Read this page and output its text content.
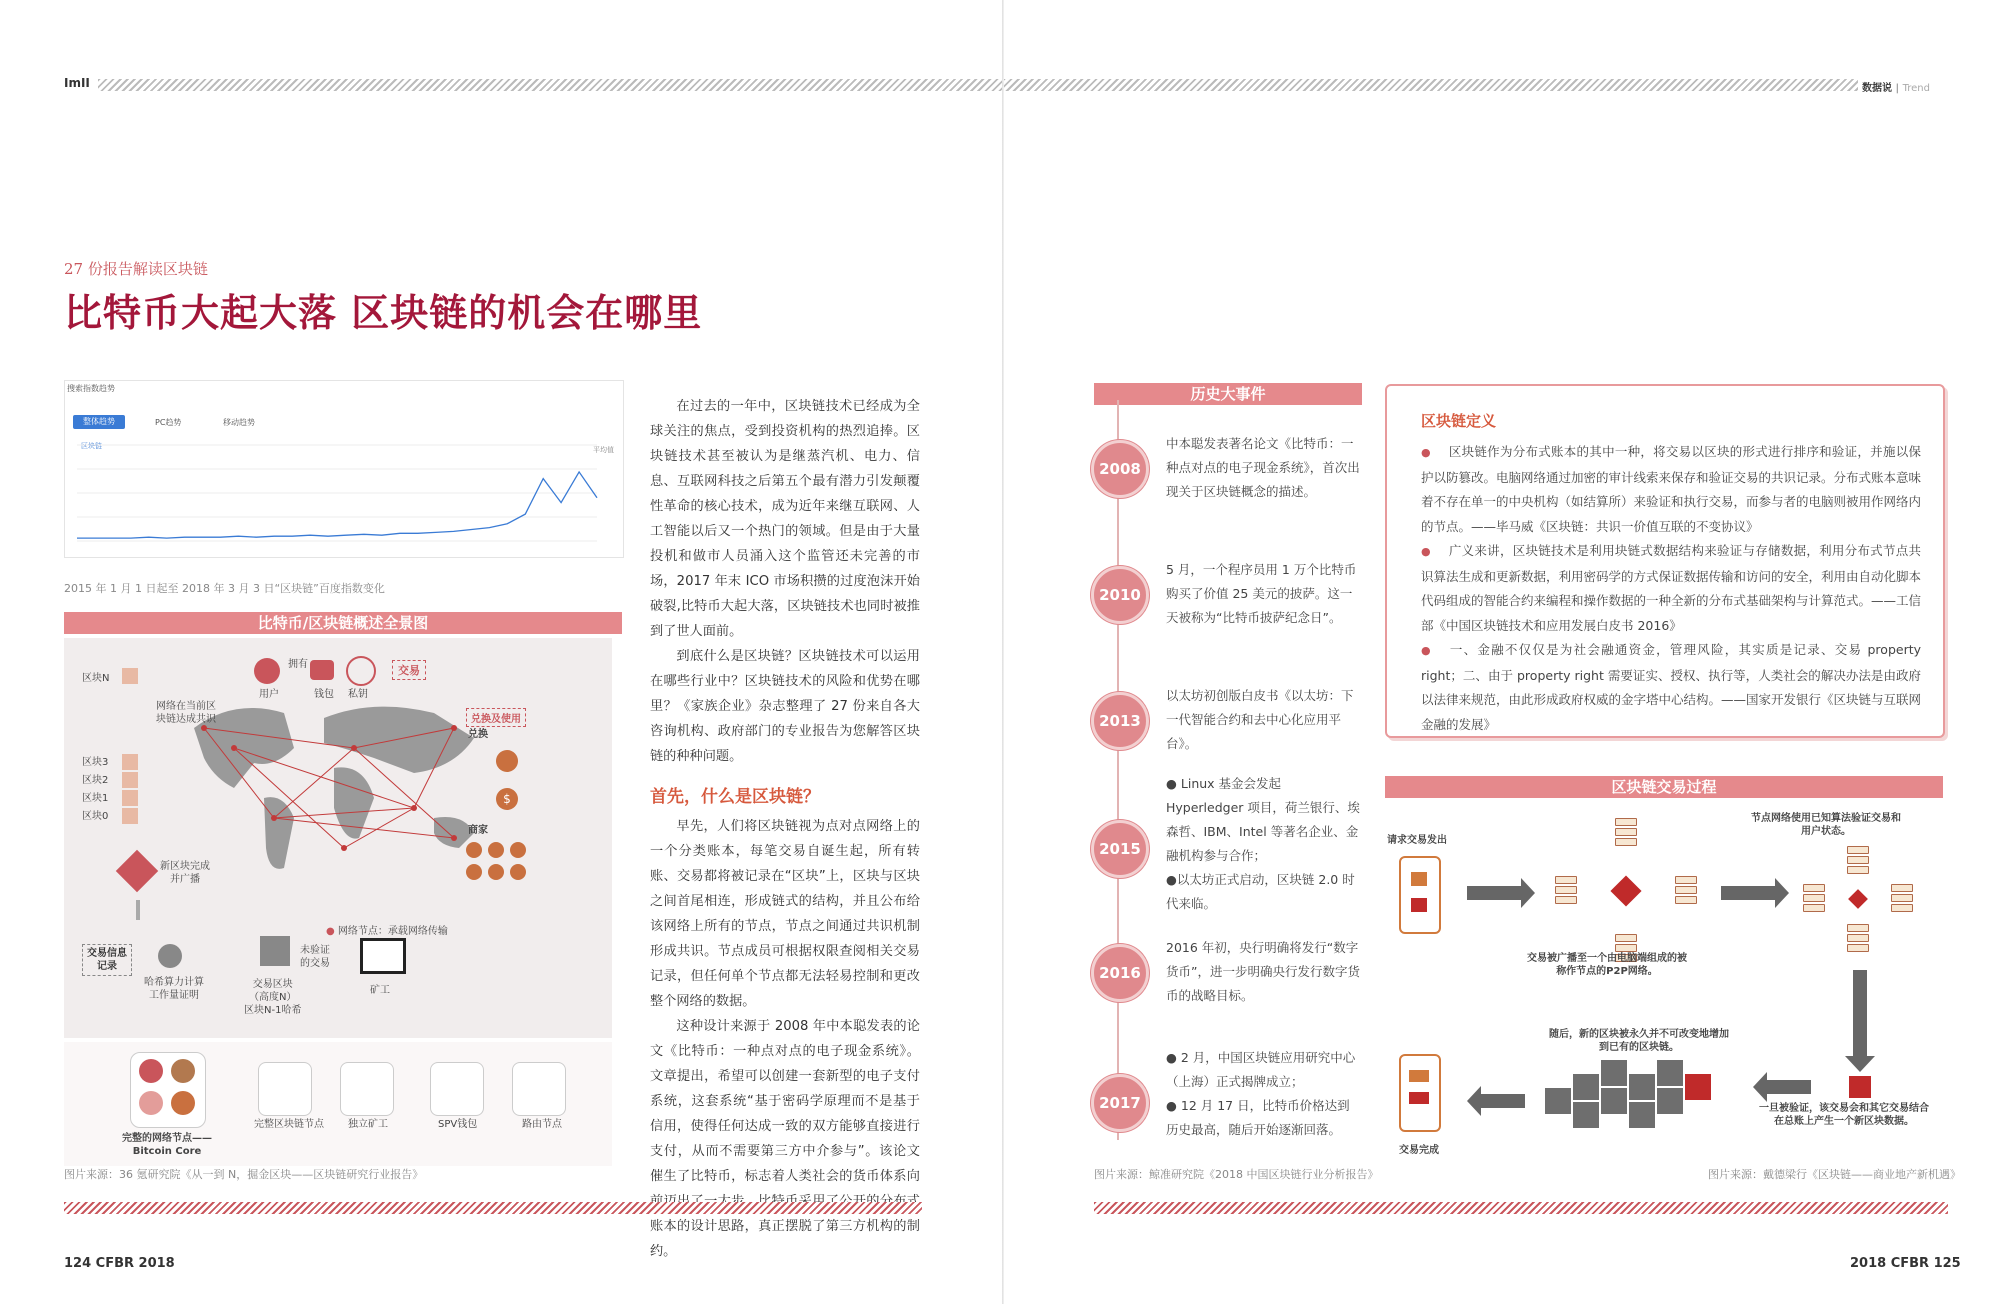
ImII	数据说 | Trend
27 份报告解读区块链
比特币大起大落 区块链的机会在哪里
搜索指数趋势
整体趋势	PC趋势	移动趋势
区块链	平均值
2015 年 1 月 1 日起至 2018 年 3 月 3 日“区块链”百度指数变化
比特币/区块链概述全景图
区块N
区块3
区块2
区块1
区块0
网络在当前区
块链达成共识
用户
拥有
钱包 私钥
交易
兑换及使用
兑换
$
商家
新区块完成
并广播
● 网络节点：承载网络传输
交易信息
记录
哈希算力计算
工作量证明
交易区块
（高度N）
区块N-1哈希
未验证
的交易
矿工
完整的网络节点——
Bitcoin Core
完整区块链节点 独立矿工	SPV钱包	路由节点
图片来源：36 氪研究院《从一到 N，掘金区块——区块链研究行业报告》

在过去的一年中，区块链技术已经成为全球关注的焦点，受到投资机构的热烈追捧。区块链技术甚至被认为是继蒸汽机、电力、信息、互联网科技之后第五个最有潜力引发颠覆性革命的核心技术，成为近年来继互联网、人工智能以后又一个热门的领域。但是由于大量投机和做市人员涌入这个监管还未完善的市场，2017 年末 ICO 市场积攒的过度泡沫开始破裂,比特币大起大落，区块链技术也同时被推到了世人面前。

到底什么是区块链？区块链技术可以运用在哪些行业中？区块链技术的风险和优势在哪里？《家族企业》杂志整理了 27 份来自各大咨询机构、政府部门的专业报告为您解答区块链的种种问题。

首先，什么是区块链？

早先，人们将区块链视为点对点网络上的一个分类账本，每笔交易自诞生起，所有转账、交易都将被记录在“区块”上，区块与区块之间首尾相连，形成链式的结构，并且公布给该网络上所有的节点，节点之间通过共识机制形成共识。节点成员可根据权限查阅相关交易记录，但任何单个节点都无法轻易控制和更改整个网络的数据。

这种设计来源于 2008 年中本聪发表的论文《比特币：一种点对点的电子现金系统》。文章提出，希望可以创建一套新型的电子支付系统，这套系统“基于密码学原理而不是基于信用，使得任何达成一致的双方能够直接进行支付，从而不需要第三方中介参与”。该论文催生了比特币，标志着人类社会的货币体系向 账本的设计思路，真正摆脱了第三方机构的制约。

历史大事件
2008
中本聪发表著名论文《比特币：一种点对点的电子现金系统》，首次出现关于区块链概念的描述。
2010
5 月，一个程序员用 1 万个比特币购买了价值 25 美元的披萨。这一天被称为“比特币披萨纪念日”。
2013
以太坊初创版白皮书《以太坊：下一代智能合约和去中心化应用平台》。
2015
● Linux 基金会发起 Hyperledger 项目，荷兰银行、埃森哲、IBM、Intel 等著名企业、金融机构参与合作；
●以太坊正式启动，区块链 2.0 时代来临。
2016
2016 年初，央行明确将发行“数字货币”，进一步明确央行发行数字货币的战略目标。
2017
● 2 月，中国区块链应用研究中心（上海）正式揭牌成立；
● 12 月 17 日，比特币价格达到历史最高，随后开始逐渐回落。
图片来源：鲸准研究院《2018 中国区块链行业分析报告》
区块链定义

● 区块链作为分布式账本的其中一种，将交易以区块的形式进行排序和验证，并施以保护以防篡改。电脑网络通过加密的审计线索来保存和验证交易的共识记录。分布式账本意味着不存在单一的中央机构（如结算所）来验证和执行交易，而参与者的电脑则被用作网络内的节点。——毕马威《区块链：共识一价值互联的不变协议》

● 广义来讲，区块链技术是利用块链式数据结构来验证与存储数据，利用分布式节点共识算法生成和更新数据，利用密码学的方式保证数据传输和访问的安全，利用由自动化脚本代码组成的智能合约来编程和操作数据的一种全新的分布式基础架构与计算范式。——工信部《中国区块链技术和应用发展白皮书 2016》

● 一、金融不仅仅是为社会融通资金，管理风险，其实质是记录、交易 property right；二、由于 property right 需要证实、授权、执行等，人类社会的解决办法是由政府以法律来规范，由此形成政府权威的金字塔中心结构。——国家开发银行《区块链与互联网金融的发展》

区块链交易过程
请求交易发出
交易被广播至一个由电脑端组成的被
称作节点的P2P网络。
节点网络使用已知算法验证交易和
用户状态。
一旦被验证，该交易会和其它交易结合
在总账上产生一个新区块数据。
随后，新的区块被永久并不可改变地增加
到已有的区块链。
交易完成
图片来源：戴德梁行《区块链——商业地产新机遇》
124 CFBR 2018	2018 CFBR 125
